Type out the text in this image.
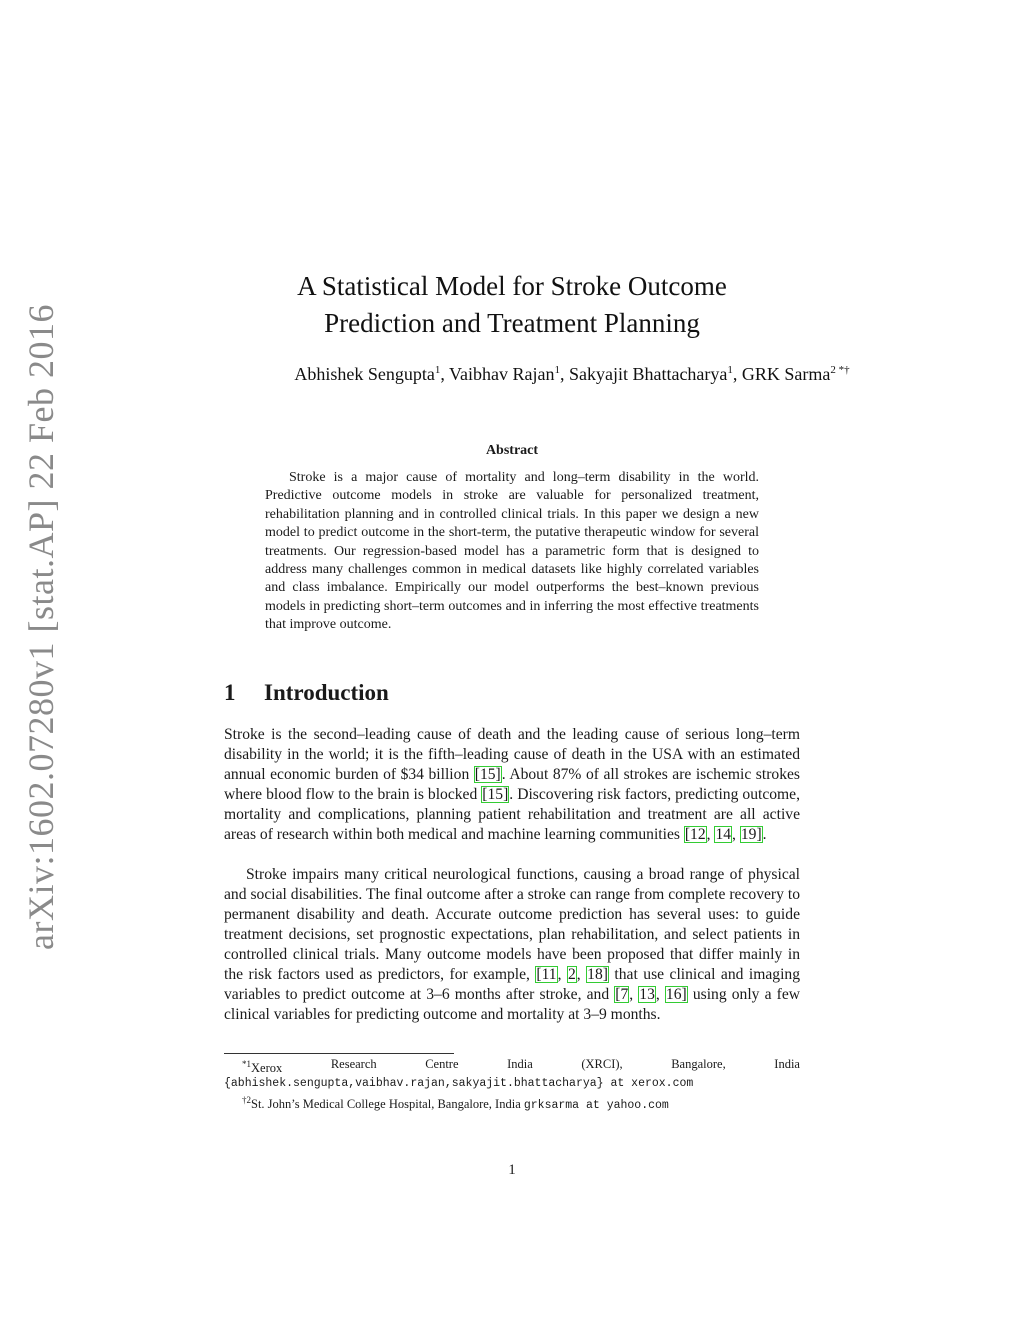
arXiv:1602.07280v1 [stat.AP] 22 Feb 2016
A Statistical Model for Stroke Outcome
Prediction and Treatment Planning
Abhishek Sengupta$^1$, Vaibhav Rajan$^1$, Sakyajit Bhattacharya$^1$, GRK Sarma$^{2 *\dagger}$
Abstract
Stroke is a major cause of mortality and long–term disability in the world. Predictive outcome models in stroke are valuable for personalized treatment, rehabilitation planning and in controlled clinical trials. In this paper we design a new model to predict outcome in the short-term, the putative therapeutic window for several treatments. Our regression-based model has a parametric form that is designed to address many challenges common in medical datasets like highly correlated variables and class imbalance. Empirically our model outperforms the best–known previous models in predicting short–term outcomes and in inferring the most effective treatments that improve outcome.
1 Introduction
Stroke is the second–leading cause of death and the leading cause of serious long–term disability in the world; it is the fifth–leading cause of death in the USA with an estimated annual economic burden of $34 billion [15]. About 87% of all strokes are ischemic strokes where blood flow to the brain is blocked [15]. Discovering risk factors, predicting outcome, mortality and complications, planning patient rehabilitation and treatment are all active areas of research within both medical and machine learning communities [12, 14, 19].
Stroke impairs many critical neurological functions, causing a broad range of physical and social disabilities. The final outcome after a stroke can range from complete recovery to permanent disability and death. Accurate outcome prediction has several uses: to guide treatment decisions, set prognostic expectations, plan rehabilitation, and select patients in controlled clinical trials. Many outcome models have been proposed that differ mainly in the risk factors used as predictors, for example, [11, 2, 18] that use clinical and imaging variables to predict outcome at 3–6 months after stroke, and [7, 13, 16] using only a few clinical variables for predicting outcome and mortality at 3–9 months.
$^{*1}$Xerox	Research	Centre	India	(XRCI),	Bangalore,	India
{abhishek.sengupta,vaibhav.rajan,sakyajit.bhattacharya} at xerox.com
$^{\dagger 2}$St. John’s Medical College Hospital, Bangalore, India grksarma at yahoo.com
1
